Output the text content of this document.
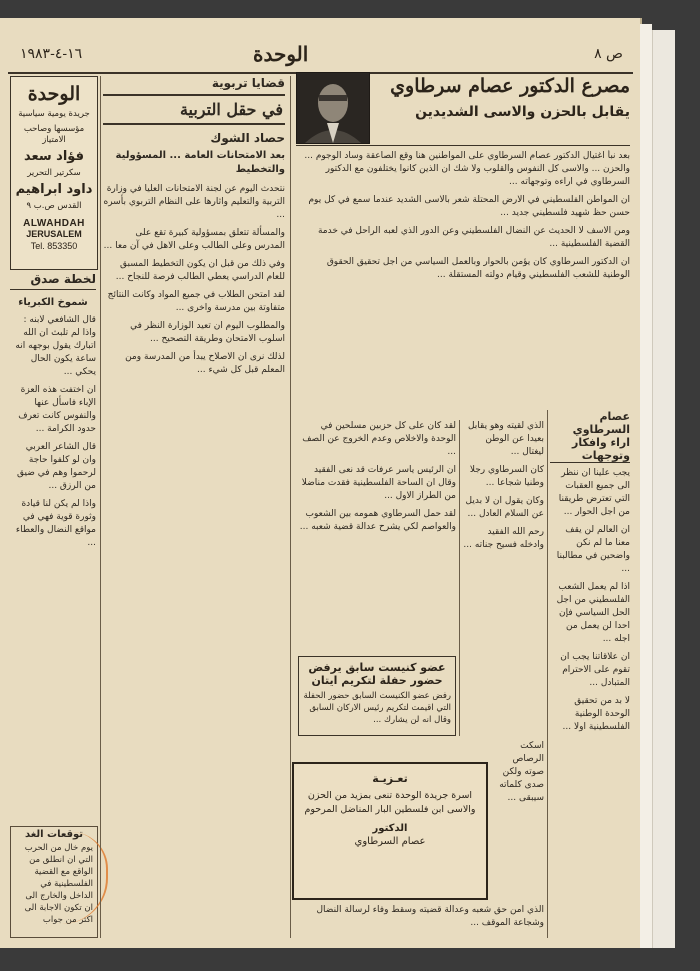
ص ٨
الوحدة
١٦-٤-١٩٨٣
الوحدة
جريدة يومية سياسية
مؤسسها وصاحب الامتياز
فؤاد سعد
سكرتير التحرير
داود ابراهيم
القدس ص.ب ٩
ALWAHDAH
JERUSALEM
Tel. 853350
لخطة صدق

شموخ الكبرياء

قال الشافعي لابنه : واذا لم تلبث ان الله اتبارك يقول بوجهه انه ساعة يكون الحال يحكي ...

ان اختفت هذه العزة الإباء فاسأل عنها والنفوس كانت تعرف حدود الكرامة ...

قال الشاعر العربي وان لو كلفوا حاجة لرحموا وهم في ضيق من الرزق ...

واذا لم يكن لنا قيادة وثورة قوية فهي في مواقع النضال والعطاء ...

توقعات الغد

يوم خال من الحرب التي ان انطلق من الواقع مع القضية الفلسطينية في الداخل والخارج الى ان تكون الاجابة الى اكثر من جواب

قضايا تربوية
في حقل التربية
حصاد الشوك
بعد الامتحانات العامة ... المسؤولية والتخطيط

نتحدث اليوم عن لجنة الامتحانات العليا في وزارة التربية والتعليم واثارها على النظام التربوي بأسره ...

والمسألة تتعلق بمسؤولية كبيرة تقع على المدرس وعلى الطالب وعلى الاهل في آن معا ...

وفي ذلك من قبل ان يكون التخطيط المسبق للعام الدراسي يعطي الطالب فرصة للنجاح ...

لقد امتحن الطلاب في جميع المواد وكانت النتائج متفاوتة بين مدرسة واخرى ...

والمطلوب اليوم ان تعيد الوزارة النظر في اسلوب الامتحان وطريقة التصحيح ...

لذلك نرى ان الاصلاح يبدأ من المدرسة ومن المعلم قبل كل شيء ...

مصرع الدكتور عصام سرطاوي
يقابل بالحزن والاسى الشديدين

بعد نبأ اغتيال الدكتور عصام السرطاوي على المواطنين هنا وقع الصاعقة وساد الوجوم ... والحزن ... والاسى كل النفوس والقلوب ولا شك ان الذين كانوا يختلفون مع الدكتور السرطاوي في اراءه وتوجهاته ...

ان المواطن الفلسطيني في الارض المحتلة شعر بالاسى الشديد عندما سمع في كل يوم حسن حظ شهيد فلسطيني جديد ...

ومن الاسف لا الحديث عن النضال الفلسطيني وعن الدور الذي لعبه الراحل في خدمة القضية الفلسطينية ...

ان الدكتور السرطاوي كان يؤمن بالحوار وبالعمل السياسي من اجل تحقيق الحقوق الوطنية للشعب الفلسطيني وقيام دولته المستقلة ...

لقد كان على كل حزبين مسلحين في الوحدة والاخلاص وعدم الخروج عن الصف ...

ان الرئيس ياسر عرفات قد نعى الفقيد وقال ان الساحة الفلسطينية فقدت مناضلا من الطراز الاول ...

لقد حمل السرطاوي همومه بين الشعوب والعواصم لكي يشرح عدالة قضية شعبه ...

الذي لقيته وهو يقابل بعيدا عن الوطن ليغتال ...

كان السرطاوي رجلا وطنيا شجاعا ...

وكان يقول ان لا بديل عن السلام العادل ...

رحم الله الفقيد وادخله فسيح جناته ...

عصام السرطاوي اراء وافكار وتوجهات

يجب علينا ان ننظر الى جميع العقبات التي تعترض طريقنا من اجل الحوار ...

ان العالم لن يقف معنا ما لم نكن واضحين في مطالبنا ...

اذا لم يعمل الشعب الفلسطيني من اجل الحل السياسي فإن احدا لن يعمل من اجله ...

ان علاقاتنا يجب ان تقوم على الاحترام المتبادل ...

لا بد من تحقيق الوحدة الوطنية الفلسطينية اولا ...

عضو كنيست سابق يرفض حضور حفلة لتكريم ايتان

رفض عضو الكنيست السابق حضور الحفلة التي اقيمت لتكريم رئيس الاركان السابق وقال انه لن يشارك ...

تعـزيـة
اسرة جريدة الوحدة تنعى بمزيد من الحزن والاسى ابن فلسطين البار المناضل المرحوم
الدكتور
عصام السرطاوي

الذي امن حق شعبه وعدالة قضيته وسقط وفاء لرسالة النضال وشجاعة الموقف ...

اسكت الرصاص صوته ولكن صدى كلماته سيبقى ...
